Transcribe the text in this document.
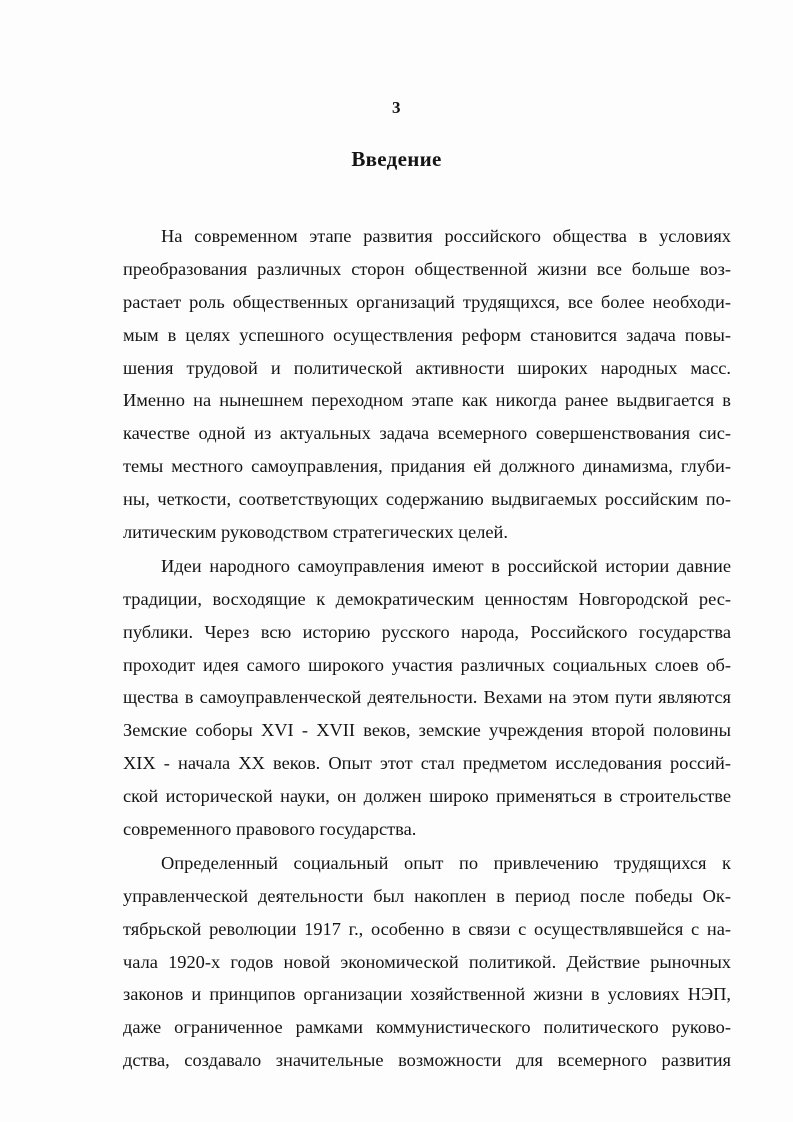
3
Введение
На современном этапе развития российского общества в условиях
преобразования различных сторон общественной жизни все больше воз-
растает роль общественных организаций трудящихся, все более необходи-
мым в целях успешного осуществления реформ становится задача повы-
шения трудовой и политической активности широких народных масс.
Именно на нынешнем переходном этапе как никогда ранее выдвигается в
качестве одной из актуальных задача всемерного совершенствования сис-
темы местного самоуправления, придания ей должного динамизма, глуби-
ны, четкости, соответствующих содержанию выдвигаемых российским по-
литическим руководством стратегических целей.
Идеи народного самоуправления имеют в российской истории давние
традиции, восходящие к демократическим ценностям Новгородской рес-
публики. Через всю историю русского народа, Российского государства
проходит идея самого широкого участия различных социальных слоев об-
щества в самоуправленческой деятельности. Вехами на этом пути являются
Земские соборы XVI - XVII веков, земские учреждения второй половины
XIX - начала XX веков. Опыт этот стал предметом исследования россий-
ской исторической науки, он должен широко применяться в строительстве
современного правового государства.
Определенный социальный опыт по привлечению трудящихся к
управленческой деятельности был накоплен в период после победы Ок-
тябрьской революции 1917 г., особенно в связи с осуществлявшейся с на-
чала 1920-х годов новой экономической политикой. Действие рыночных
законов и принципов организации хозяйственной жизни в условиях НЭП,
даже ограниченное рамками коммунистического политического руково-
дства, создавало значительные возможности для всемерного развития
